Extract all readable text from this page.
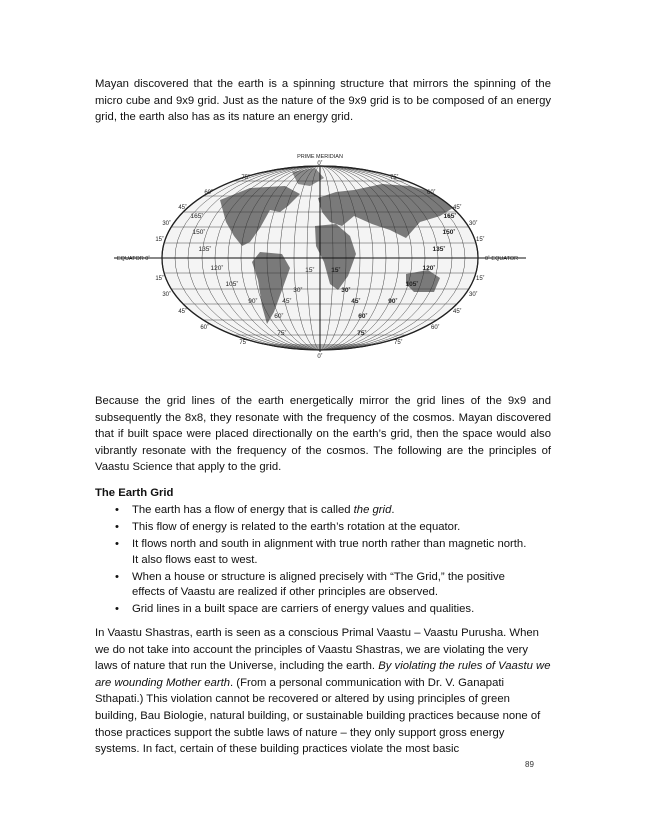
Mayan discovered that the earth is a spinning structure that mirrors the spinning of the micro cube and 9x9 grid. Just as the nature of the 9x9 grid is to be composed of an energy grid, the earth also has as its nature an energy grid.

PRIME MERIDIAN
0˚
0˚
EQUATOR 0˚	0˚ EQUATOR
75˚
60˚
45˚
30˚
15˚
15˚
30˚
45˚
60˚
75˚
75˚
60˚
45˚
30˚
15˚
15˚
30˚
45˚
60˚
75˚
165˚
150˚
135˚
120˚
105˚
90˚
75˚
60˚
45˚
30˚
15˚	15˚
30˚
45˚
60˚
75˚
90˚
105˚
120˚
135˚
150˚
165˚

Because the grid lines of the earth energetically mirror the grid lines of the 9x9 and subsequently the 8x8, they resonate with the frequency of the cosmos. Mayan discovered that if built space were placed directionally on the earth’s grid, then the space would also vibrantly resonate with the frequency of the cosmos. The following are the principles of Vaastu Science that apply to the grid.

The Earth Grid
• The earth has a flow of energy that is called the grid.
• This flow of energy is related to the earth’s rotation at the equator.
• It flows north and south in alignment with true north rather than magnetic north. It also flows east to west.
• When a house or structure is aligned precisely with “The Grid,” the positive effects of Vaastu are realized if other principles are observed.
• Grid lines in a built space are carriers of energy values and qualities.

In Vaastu Shastras, earth is seen as a conscious Primal Vaastu – Vaastu Purusha. When we do not take into account the principles of Vaastu Shastras, we are violating the very laws of nature that run the Universe, including the earth. By violating the rules of Vaastu we are wounding Mother earth. (From a personal communication with Dr. V. Ganapati Sthapati.) This violation cannot be recovered or altered by using principles of green building, Bau Biologie, natural building, or sustainable building practices because none of those practices support the subtle laws of nature – they only support gross energy systems. In fact, certain of these building practices violate the most basic

89
